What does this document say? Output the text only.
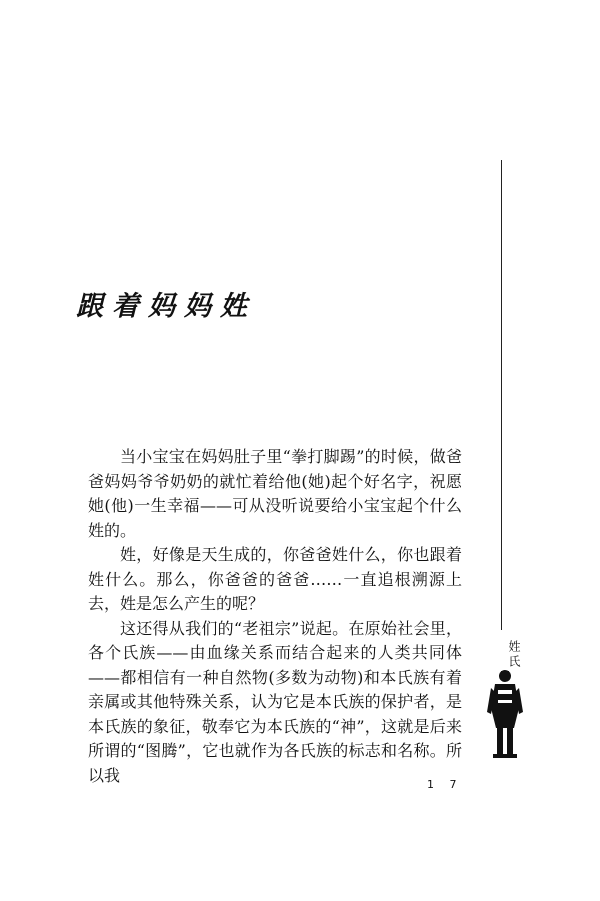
跟着妈妈姓

当小宝宝在妈妈肚子里“拳打脚踢”的时候，做爸爸妈妈爷爷奶奶的就忙着给他(她)起个好名字，祝愿她(他)一生幸福——可从没听说要给小宝宝起个什么姓的。

姓，好像是天生成的，你爸爸姓什么，你也跟着姓什么。那么，你爸爸的爸爸……一直追根溯源上去，姓是怎么产生的呢？

这还得从我们的“老祖宗”说起。在原始社会里，各个氏族——由血缘关系而结合起来的人类共同体——都相信有一种自然物(多数为动物)和本氏族有着亲属或其他特殊关系，认为它是本氏族的保护者，是本氏族的象征，敬奉它为本氏族的“神”，这就是后来所谓的“图腾”，它也就作为各氏族的标志和名称。所以我

姓氏
1 7
